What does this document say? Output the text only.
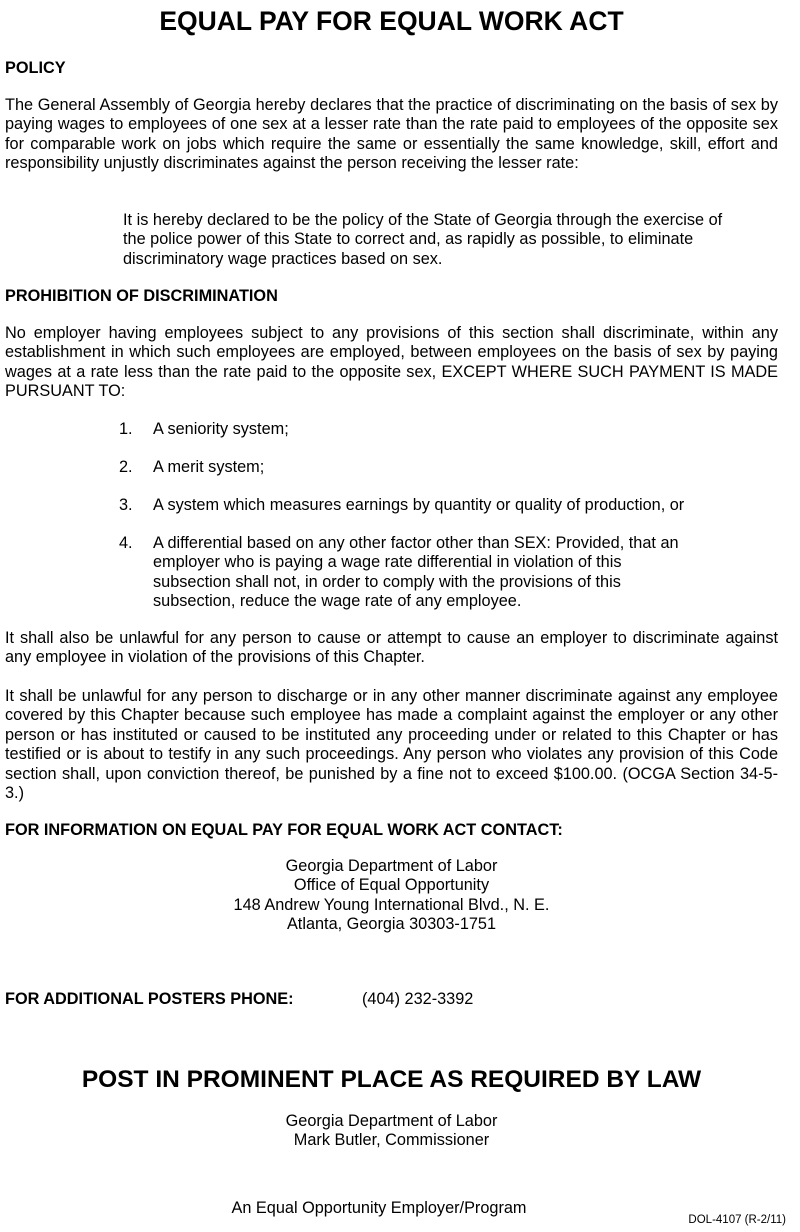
EQUAL PAY FOR EQUAL WORK ACT
POLICY

The General Assembly of Georgia hereby declares that the practice of discriminating on the basis of sex by paying wages to employees of one sex at a lesser rate than the rate paid to employees of the opposite sex for comparable work on jobs which require the same or essentially the same knowledge, skill, effort and responsibility unjustly discriminates against the person receiving the lesser rate:

It is hereby declared to be the policy of the State of Georgia through the exercise of the police power of this State to correct and, as rapidly as possible, to eliminate discriminatory wage practices based on sex.

PROHIBITION OF DISCRIMINATION

No employer having employees subject to any provisions of this section shall discriminate, within any establishment in which such employees are employed, between employees on the basis of sex by paying wages at a rate less than the rate paid to the opposite sex, EXCEPT WHERE SUCH PAYMENT IS MADE PURSUANT TO:

1. A seniority system;
2. A merit system;
3. A system which measures earnings by quantity or quality of production, or
4. A differential based on any other factor other than SEX: Provided, that an employer who is paying a wage rate differential in violation of this subsection shall not, in order to comply with the provisions of this subsection, reduce the wage rate of any employee.

It shall also be unlawful for any person to cause or attempt to cause an employer to discriminate against any employee in violation of the provisions of this Chapter.

It shall be unlawful for any person to discharge or in any other manner discriminate against any employee covered by this Chapter because such employee has made a complaint against the employer or any other person or has instituted or caused to be instituted any proceeding under or related to this Chapter or has testified or is about to testify in any such proceedings. Any person who violates any provision of this Code section shall, upon conviction thereof, be punished by a fine not to exceed $100.00. (OCGA Section 34-5-3.)

FOR INFORMATION ON EQUAL PAY FOR EQUAL WORK ACT CONTACT:
Georgia Department of Labor
Office of Equal Opportunity
148 Andrew Young International Blvd., N. E.
Atlanta, Georgia 30303-1751
FOR ADDITIONAL POSTERS PHONE:	(404) 232-3392
POST IN PROMINENT PLACE AS REQUIRED BY LAW
Georgia Department of Labor
Mark Butler, Commissioner
An Equal Opportunity Employer/Program
DOL-4107 (R-2/11)
